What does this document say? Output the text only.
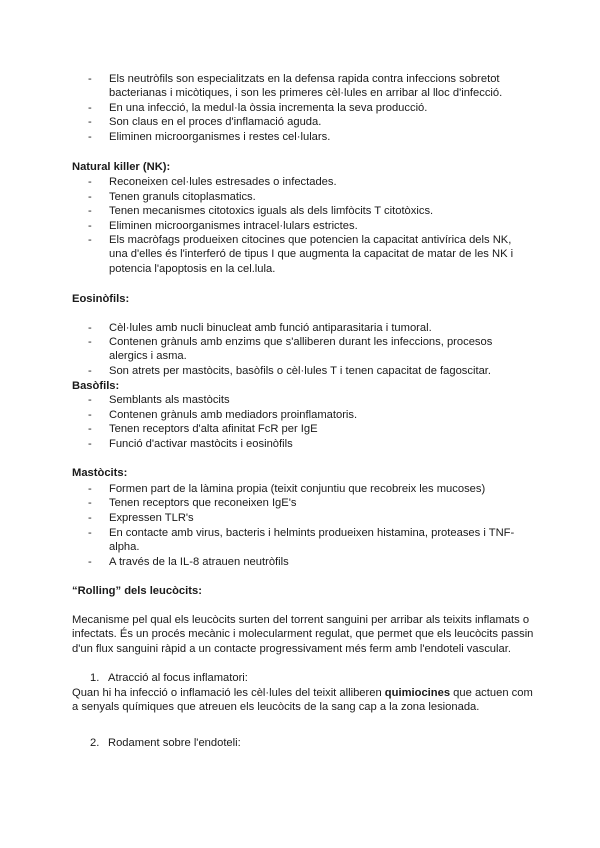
- Els neutròfils son especialitzats en la defensa rapida contra infeccions sobretot bacterianas i micòtiques, i son les primeres cèl·lules en arribar al lloc d'infecció.
- En una infecció, la medul·la òssia incrementa la seva producció.
- Son claus en el proces d'inflamació aguda.
- Eliminen microorganismes i restes cel·lulars.
Natural killer (NK):
- Reconeixen cel·lules estresades o infectades.
- Tenen granuls citoplasmatics.
- Tenen mecanismes citotoxics iguals als dels limfòcits T citotòxics.
- Eliminen microorganismes intracel·lulars estrictes.
- Els macròfags produeixen citocines que potencien la capacitat antivírica dels NK, una d'elles és l'interferó de tipus I que augmenta la capacitat de matar de les NK i potencia l'apoptosis en la cel.lula.
Eosinòfils:
- Cèl·lules amb nucli binucleat amb funció antiparasitaria i tumoral.
- Contenen grànuls amb enzims que s'alliberen durant les infeccions, procesos alergics i asma.
- Son atrets per mastòcits, basòfils o cèl·lules T i tenen capacitat de fagoscitar.
Basòfils:
- Semblants als mastòcits
- Contenen grànuls amb mediadors proinflamatoris.
- Tenen receptors d'alta afinitat FcR per IgE
- Funció d'activar mastòcits i eosinòfils
Mastòcits:
- Formen part de la làmina propia (teixit conjuntiu que recobreix les mucoses)
- Tenen receptors que reconeixen IgE's
- Expressen TLR's
- En contacte amb virus, bacteris i helmints produeixen histamina, proteases i TNF-alpha.
- A través de la IL-8 atrauen neutròfils
“Rolling” dels leucòcits:
Mecanisme pel qual els leucòcits surten del torrent sanguini per arribar als teixits inflamats o infectats. És un procés mecànic i molecularment regulat, que permet que els leucòcits passin d'un flux sanguini ràpid a un contacte progressivament més ferm amb l'endoteli vascular.
1. Atracció al focus inflamatori:
Quan hi ha infecció o inflamació les cèl·lules del teixit alliberen quimiocines que actuen com a senyals químiques que atreuen els leucòcits de la sang cap a la zona lesionada.
2. Rodament sobre l'endoteli:
